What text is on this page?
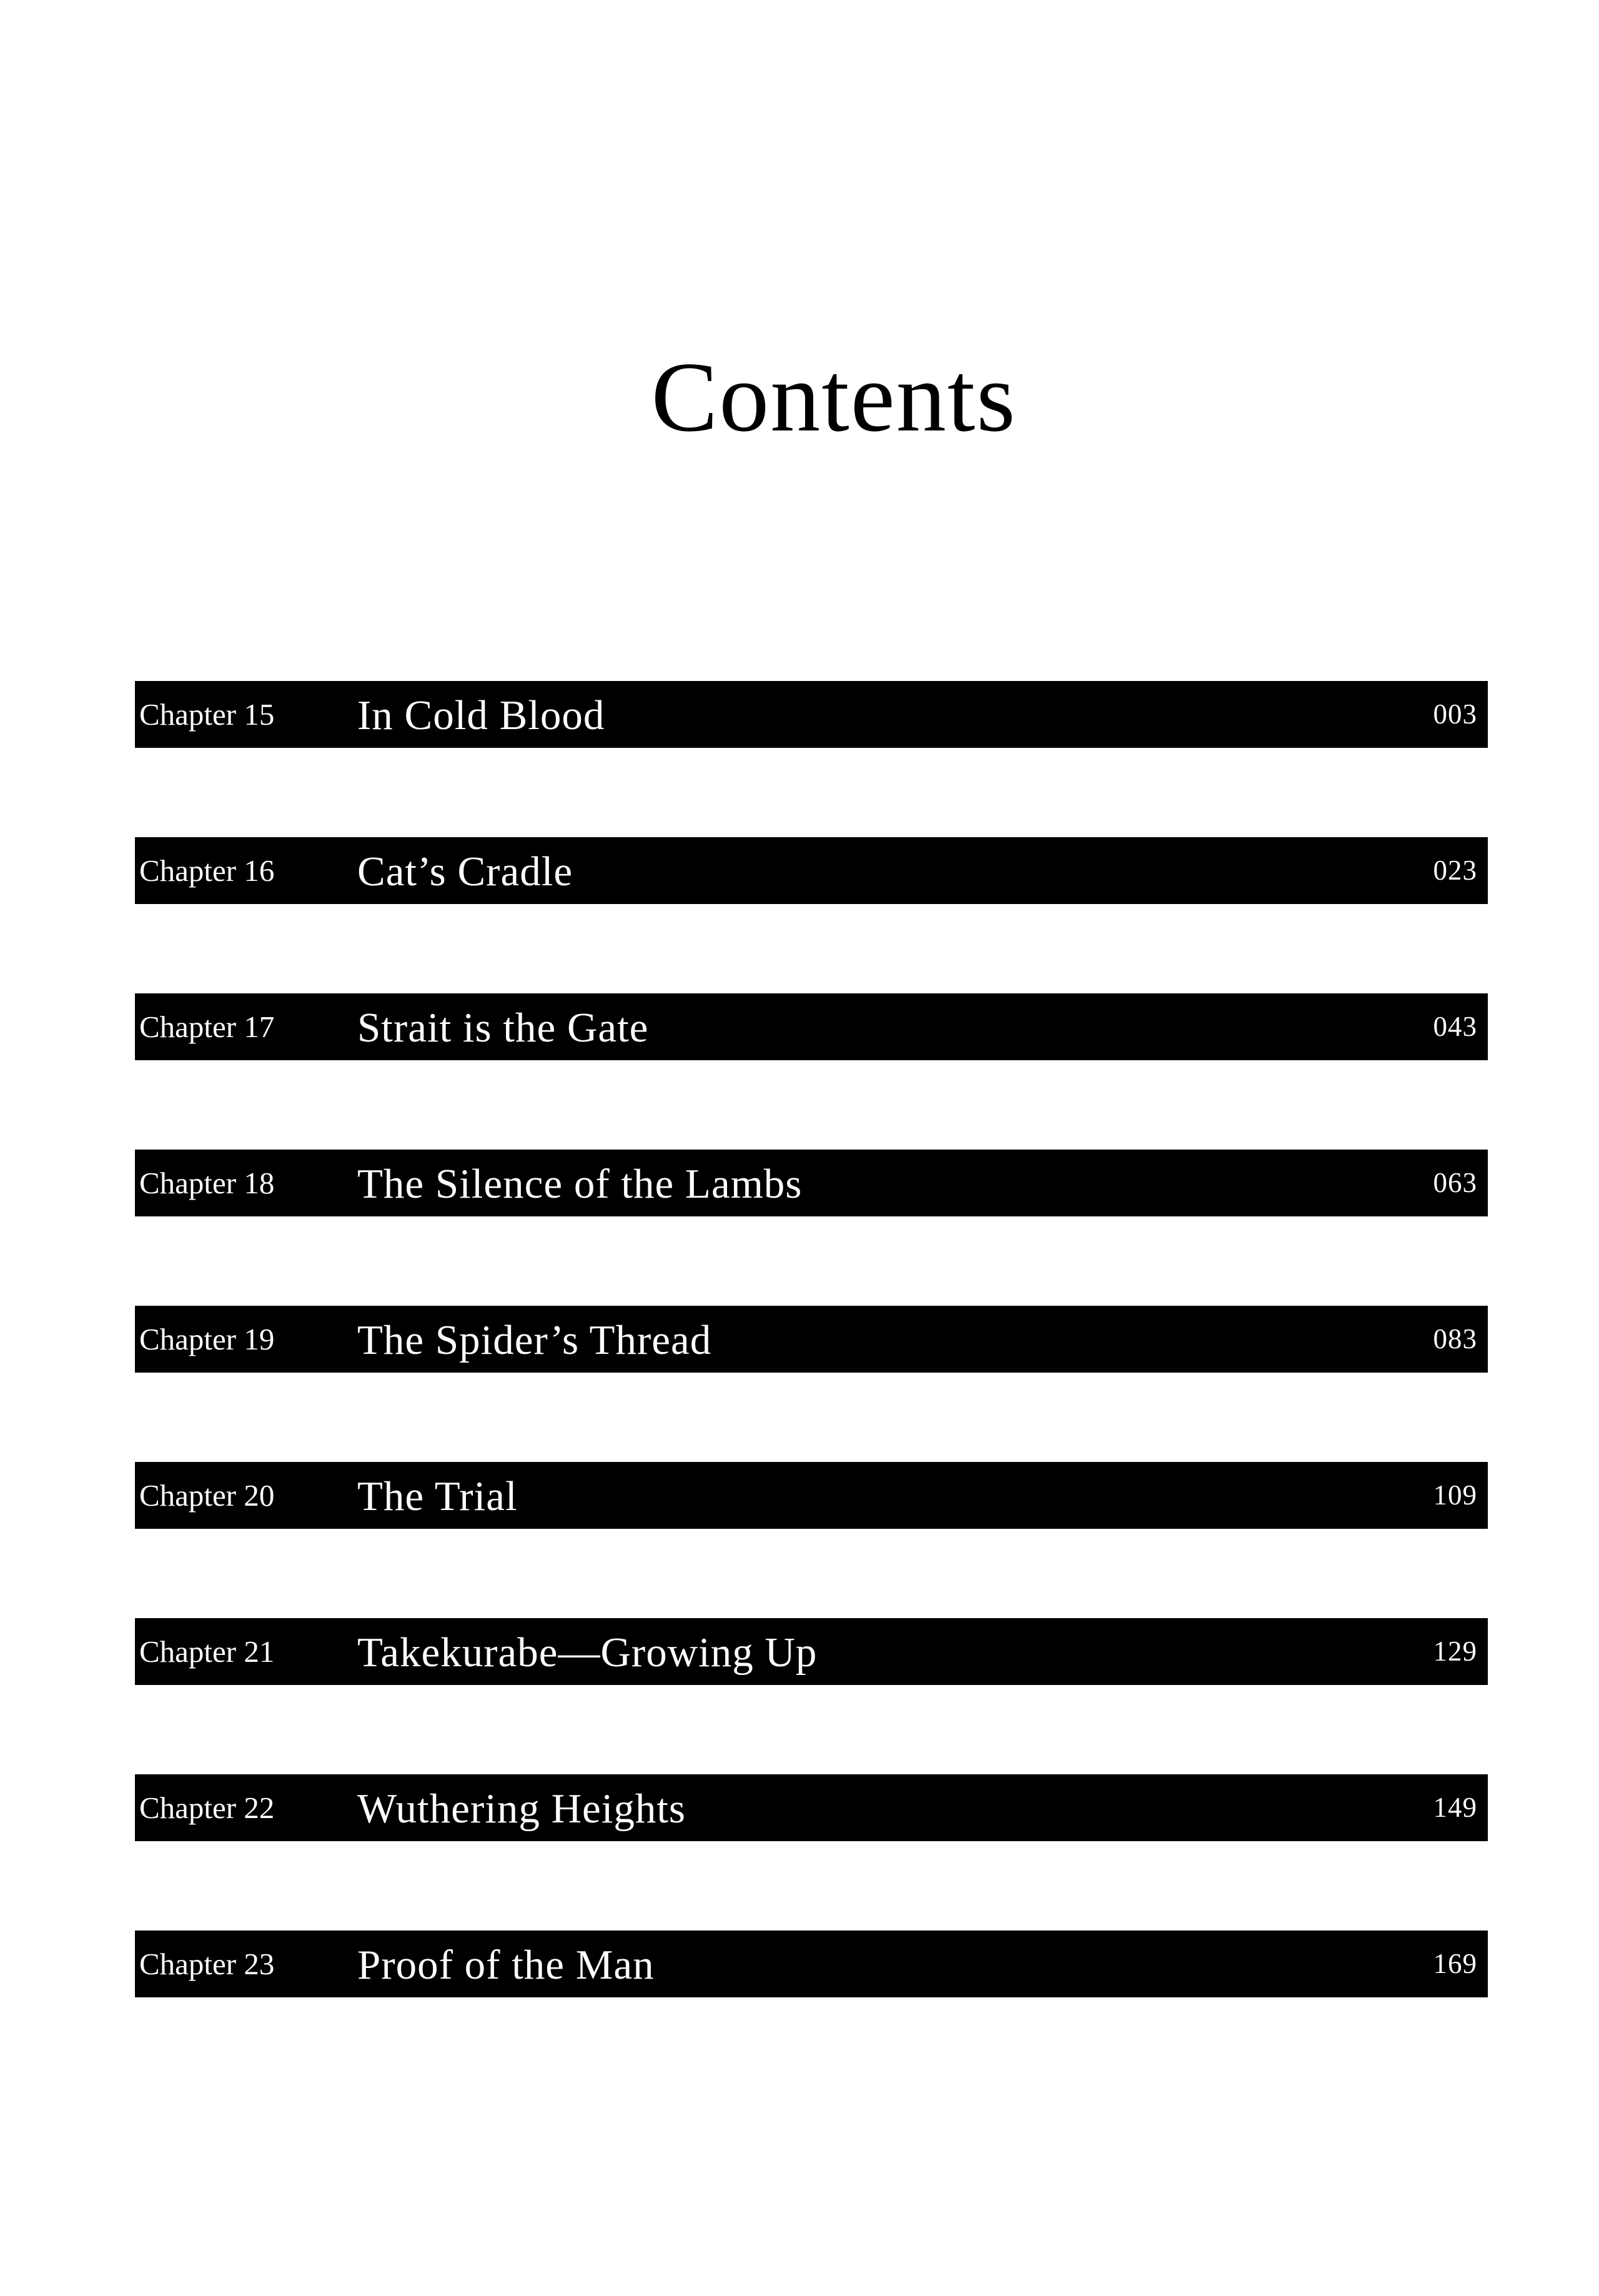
Contents
Chapter 15 In Cold Blood	003
Chapter 16 Cat’s Cradle	023
Chapter 17 Strait is the Gate	043
Chapter 18 The Silence of the Lambs	063
Chapter 19 The Spider’s Thread	083
Chapter 20 The Trial	109
Chapter 21 Takekurabe—Growing Up	129
Chapter 22 Wuthering Heights	149
Chapter 23 Proof of the Man	169
